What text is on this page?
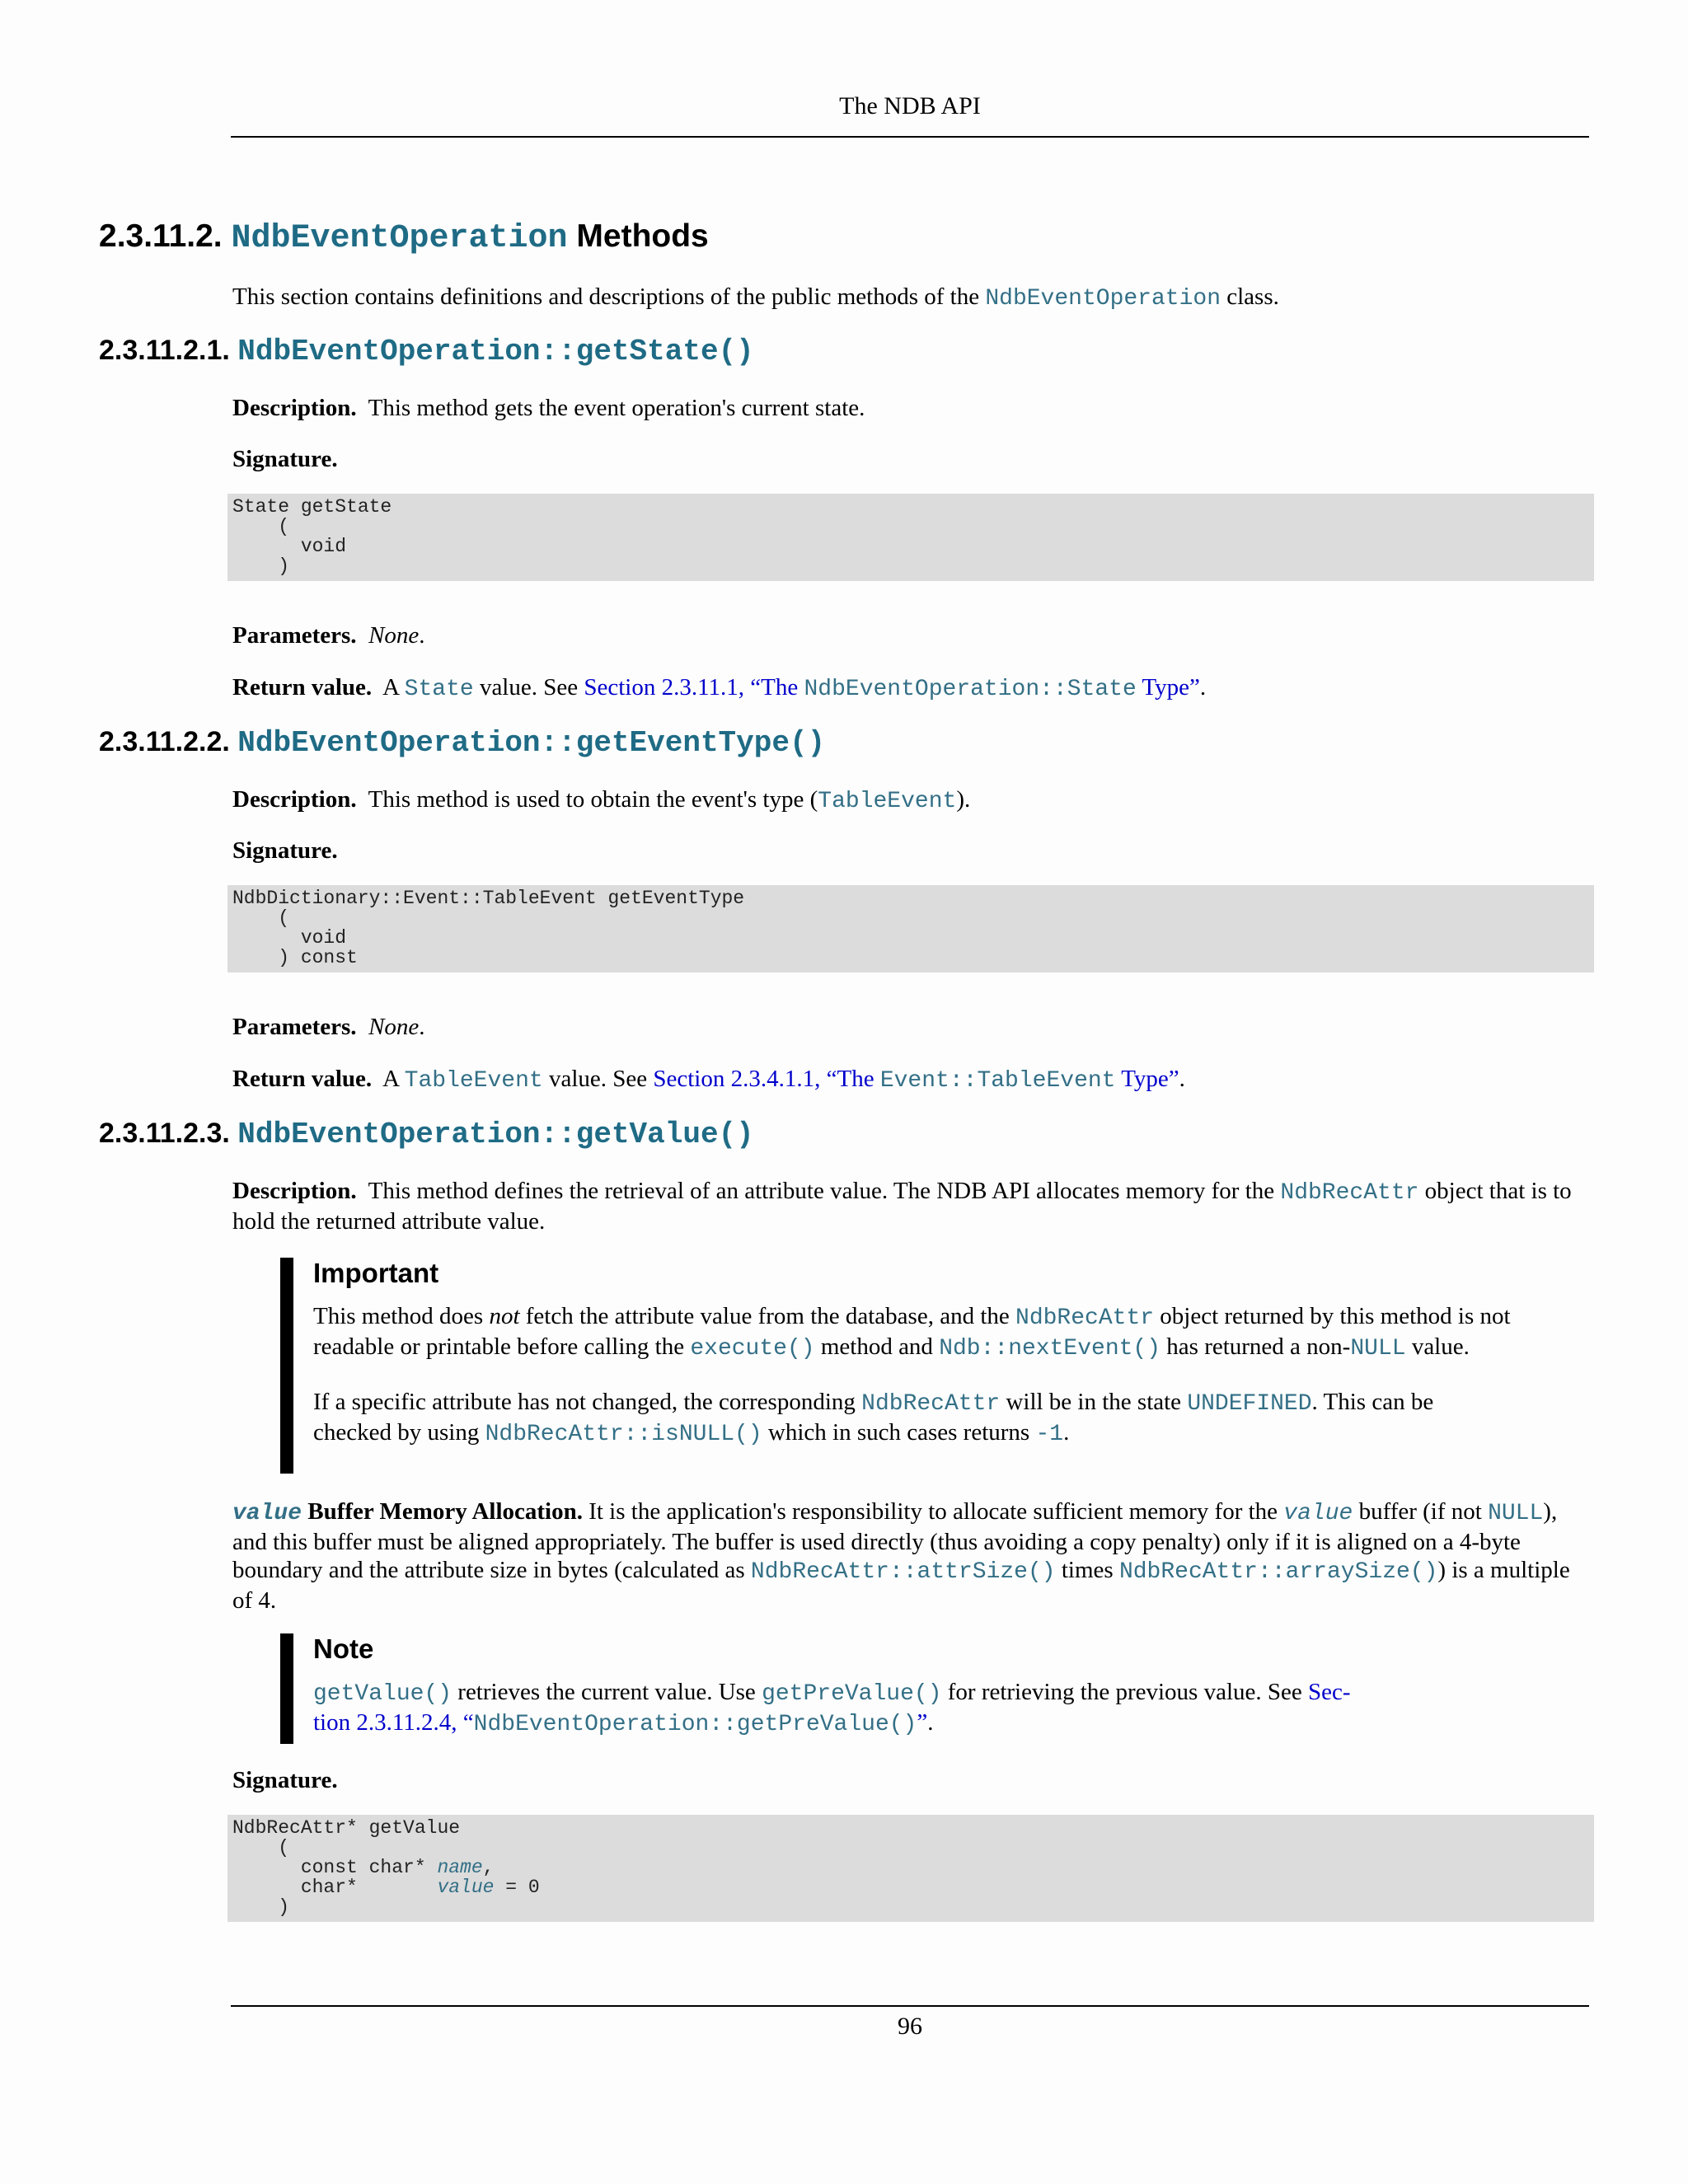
The NDB API
2.3.11.2. NdbEventOperation Methods
This section contains definitions and descriptions of the public methods of the NdbEventOperation class.
2.3.11.2.1. NdbEventOperation::getState()
Description. This method gets the event operation's current state.
Signature.
State getState
(
void
)
Parameters. None.
Return value. A State value. See Section 2.3.11.1, “The NdbEventOperation::State Type”.
2.3.11.2.2. NdbEventOperation::getEventType()
Description. This method is used to obtain the event's type (TableEvent).
Signature.
NdbDictionary::Event::TableEvent getEventType
(
void
) const
Parameters. None.
Return value. A TableEvent value. See Section 2.3.4.1.1, “The Event::TableEvent Type”.
2.3.11.2.3. NdbEventOperation::getValue()
Description. This method defines the retrieval of an attribute value. The NDB API allocates memory for the NdbRecAttr object that is to hold the returned attribute value.
Important

This method does not fetch the attribute value from the database, and the NdbRecAttr object returned by this method is not readable or printable before calling the execute() method and Ndb::nextEvent() has returned a non-NULL value.

If a specific attribute has not changed, the corresponding NdbRecAttr will be in the state UNDEFINED. This can be checked by using NdbRecAttr::isNULL() which in such cases returns -1.

value Buffer Memory Allocation. It is the application's responsibility to allocate sufficient memory for the value buffer (if not NULL), and this buffer must be aligned appropriately. The buffer is used directly (thus avoiding a copy penalty) only if it is aligned on a 4-byte boundary and the attribute size in bytes (calculated as NdbRecAttr::attrSize() times NdbRecAttr::arraySize()) is a multiple of 4.
Note

getValue() retrieves the current value. Use getPreValue() for retrieving the previous value. See Sec-
tion 2.3.11.2.4, “NdbEventOperation::getPreValue()”.

Signature.
NdbRecAttr* getValue
(
const char* name,
char*       value = 0
)
96
